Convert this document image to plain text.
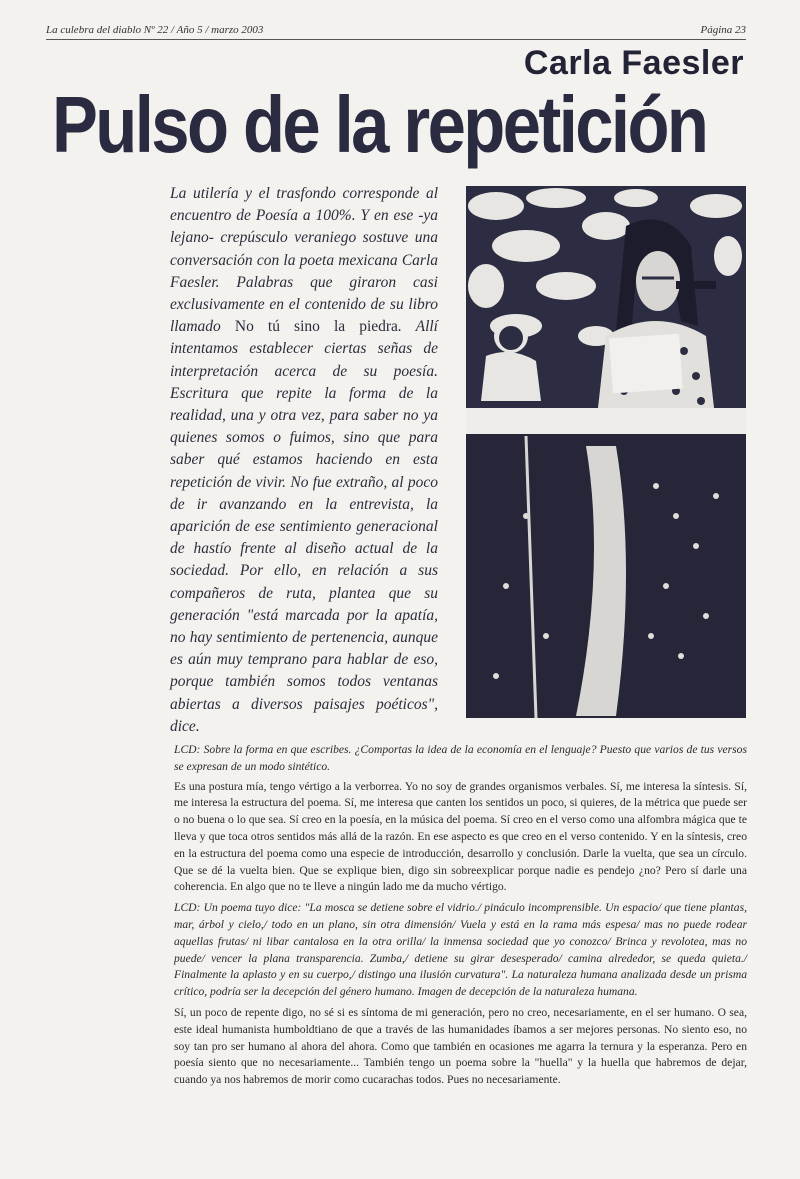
La culebra del diablo Nº 22 / Año 5 / marzo 2003	Página 23
Carla Faesler
Pulso de la repetición
La utilería y el trasfondo corresponde al encuentro de Poesía a 100%. Y en ese -ya lejano- crepúsculo veraniego sostuve una conversación con la poeta mexicana Carla Faesler. Palabras que giraron casi exclusivamente en el contenido de su libro llamado No tú sino la piedra. Allí intentamos establecer ciertas señas de interpretación acerca de su poesía. Escritura que repite la forma de la realidad, una y otra vez, para saber no ya quienes somos o fuimos, sino que para saber qué estamos haciendo en esta repetición de vivir. No fue extraño, al poco de ir avanzando en la entrevista, la aparición de ese sentimiento generacional de hastío frente al diseño actual de la sociedad. Por ello, en relación a sus compañeros de ruta, plantea que su generación "está marcada por la apatía, no hay sentimiento de pertenencia, aunque es aún muy temprano para hablar de eso, porque también somos todos ventanas abiertas a diversos paisajes poéticos", dice.

LCD: Sobre la forma en que escribes. ¿Comportas la idea de la economía en el lenguaje? Puesto que varios de tus versos se expresan de un modo sintético.

Es una postura mía, tengo vértigo a la verborrea. Yo no soy de grandes organismos verbales. Sí, me interesa la síntesis. Sí, me interesa la estructura del poema. Sí, me interesa que canten los sentidos un poco, si quieres, de la métrica que puede ser o no buena o lo que sea. Sí creo en la poesía, en la música del poema. Sí creo en el verso como una alfombra mágica que te lleva y que toca otros sentidos más allá de la razón. En ese aspecto es que creo en el verso contenido. Y en la síntesis, creo en la estructura del poema como una especie de introducción, desarrollo y conclusión. Darle la vuelta, que sea un círculo. Que se dé la vuelta bien. Que se explique bien, digo sin sobreexplicar porque nadie es pendejo ¿no? Pero sí darle una coherencia. En algo que no te lleve a ningún lado me da mucho vértigo.

LCD: Un poema tuyo dice: "La mosca se detiene sobre el vidrio./ pináculo incomprensible. Un espacio/ que tiene plantas, mar, árbol y cielo,/ todo en un plano, sin otra dimensión/ Vuela y está en la rama más espesa/ mas no puede rodear aquellas frutas/ ni libar cantalosa en la otra orilla/ la inmensa sociedad que yo conozco/ Brinca y revolotea, mas no puede/ vencer la plana transparencia. Zumba,/ detiene su girar desesperado/ camina alrededor, se queda quieta./ Finalmente la aplasto y en su cuerpo,/ distingo una ilusión curvatura". La naturaleza humana analizada desde un prisma crítico, podría ser la decepción del género humano. Imagen de decepción de la naturaleza humana.

Sí, un poco de repente digo, no sé si es síntoma de mi generación, pero no creo, necesariamente, en el ser humano. O sea, este ideal humanista humboldtiano de que a través de las humanidades íbamos a ser mejores personas. No siento eso, no soy tan pro ser humano al ahora del ahora. Como que también en ocasiones me agarra la ternura y la esperanza. Pero en poesía siento que no necesariamente... También tengo un poema sobre la "huella" y la huella que habremos de dejar, cuando ya nos habremos de morir como cucarachas todos. Pues no necesariamente.
